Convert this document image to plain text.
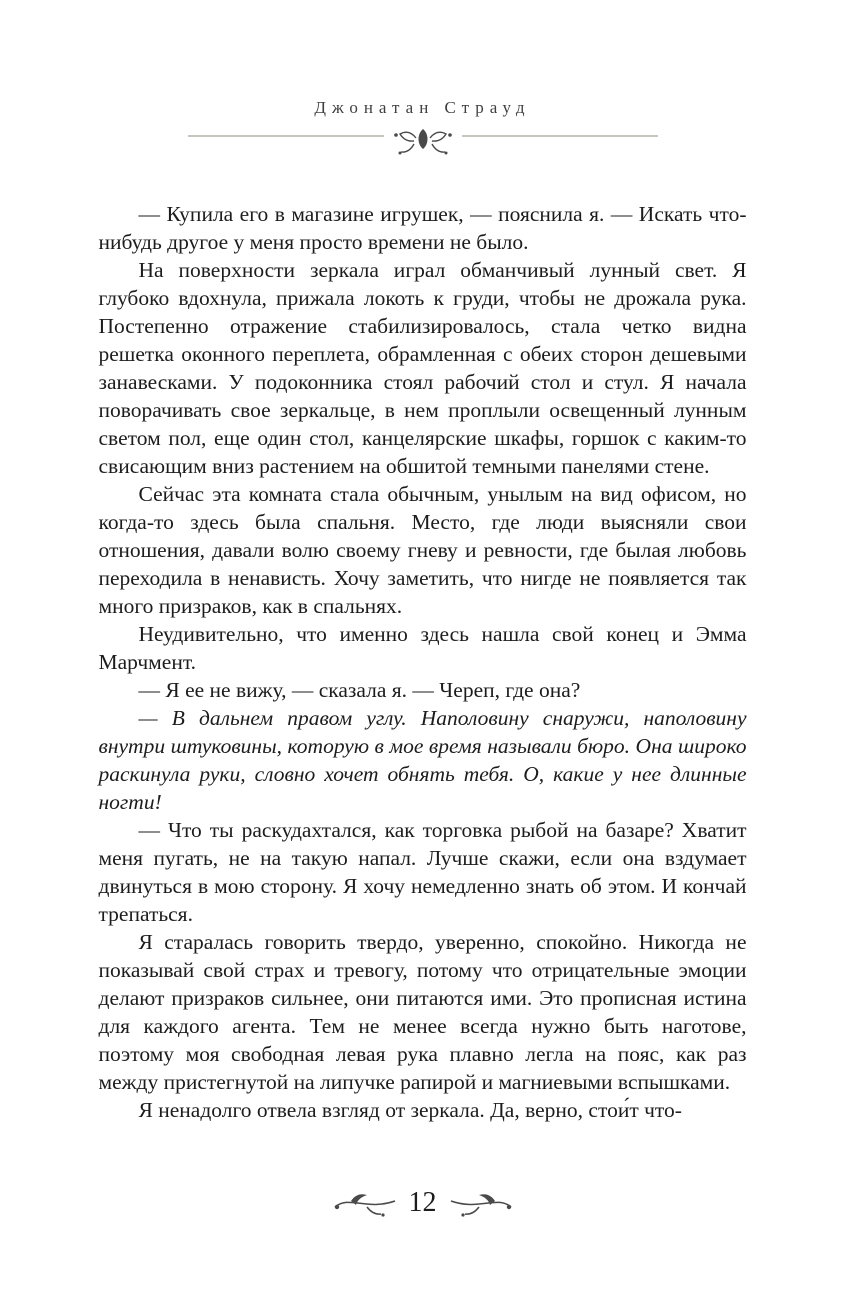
Джонатан Страуд

— Купила его в магазине игрушек, — пояснила я. — Искать что-нибудь другое у меня просто времени не было.

На поверхности зеркала играл обманчивый лунный свет. Я глубоко вдохнула, прижала локоть к груди, чтобы не дрожала рука. Постепенно отражение стабилизировалось, стала четко видна решетка оконного переплета, обрамленная с обеих сторон дешевыми занавесками. У подоконника стоял рабочий стол и стул. Я начала поворачивать свое зеркальце, в нем проплыли освещенный лунным светом пол, еще один стол, канцелярские шкафы, горшок с каким-то свисающим вниз растением на обшитой темными панелями стене.

Сейчас эта комната стала обычным, унылым на вид офисом, но когда-то здесь была спальня. Место, где люди выясняли свои отношения, давали волю своему гневу и ревности, где былая любовь переходила в ненависть. Хочу заметить, что нигде не появляется так много призраков, как в спальнях.

Неудивительно, что именно здесь нашла свой конец и Эмма Марчмент.

— Я ее не вижу, — сказала я. — Череп, где она?

— В дальнем правом углу. Наполовину снаружи, наполовину внутри штуковины, которую в мое время называли бюро. Она широко раскинула руки, словно хочет обнять тебя. О, какие у нее длинные ногти!

— Что ты раскудахтался, как торговка рыбой на базаре? Хватит меня пугать, не на такую напал. Лучше скажи, если она вздумает двинуться в мою сторону. Я хочу немедленно знать об этом. И кончай трепаться.

Я старалась говорить твердо, уверенно, спокойно. Никогда не показывай свой страх и тревогу, потому что отрицательные эмоции делают призраков сильнее, они питаются ими. Это прописная истина для каждого агента. Тем не менее всегда нужно быть наготове, поэтому моя свободная левая рука плавно легла на пояс, как раз между пристегнутой на липучке рапирой и магниевыми вспышками.

Я ненадолго отвела взгляд от зеркала. Да, верно, стои́т что-

12
